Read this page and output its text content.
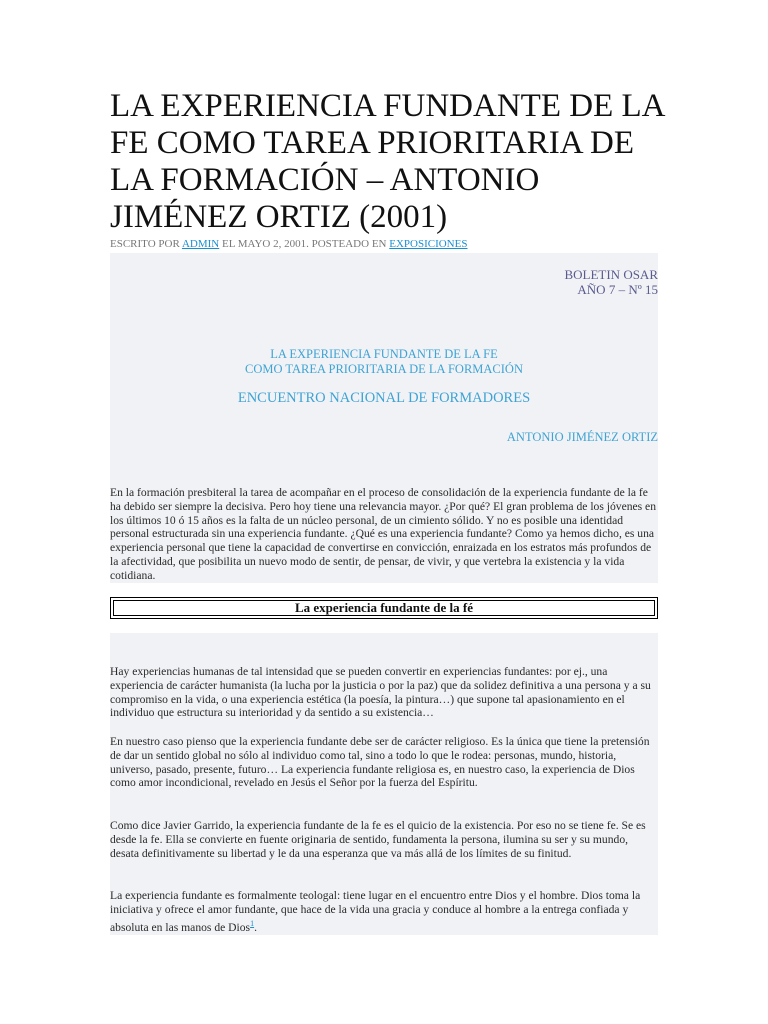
LA EXPERIENCIA FUNDANTE DE LA FE COMO TAREA PRIORITARIA DE LA FORMACIÓN – ANTONIO JIMÉNEZ ORTIZ (2001)
ESCRITO POR ADMIN EL MAYO 2, 2001. POSTEADO EN EXPOSICIONES
BOLETIN OSAR
AÑO 7 – Nº 15
LA EXPERIENCIA FUNDANTE DE LA FE
COMO TAREA PRIORITARIA DE LA FORMACIÓN
ENCUENTRO NACIONAL DE FORMADORES
ANTONIO JIMÉNEZ ORTIZ

En la formación presbiteral la tarea de acompañar en el proceso de consolidación de la experiencia fundante de la fe ha debido ser siempre la decisiva. Pero hoy tiene una relevancia mayor. ¿Por qué? El gran problema de los jóvenes en los últimos 10 ó 15 años es la falta de un núcleo personal, de un cimiento sólido. Y no es posible una identidad personal estructurada sin una experiencia fundante. ¿Qué es una experiencia fundante? Como ya hemos dicho, es una experiencia personal que tiene la capacidad de convertirse en convicción, enraizada en los estratos más profundos de la afectividad, que posibilita un nuevo modo de sentir, de pensar, de vivir, y que vertebra la existencia y la vida cotidiana.

La experiencia fundante de la fé

Hay experiencias humanas de tal intensidad que se pueden convertir en experiencias fundantes: por ej., una experiencia de carácter humanista (la lucha por la justicia o por la paz) que da solidez definitiva a una persona y a su compromiso en la vida, o una experiencia estética (la poesía, la pintura…) que supone tal apasionamiento en el individuo que estructura su interioridad y da sentido a su existencia…

En nuestro caso pienso que la experiencia fundante debe ser de carácter religioso. Es la única que tiene la pretensión de dar un sentido global no sólo al individuo como tal, sino a todo lo que le rodea: personas, mundo, historia, universo, pasado, presente, futuro… La experiencia fundante religiosa es, en nuestro caso, la experiencia de Dios como amor incondicional, revelado en Jesús el Señor por la fuerza del Espíritu.

Como dice Javier Garrido, la experiencia fundante de la fe es el quicio de la existencia. Por eso no se tiene fe. Se es desde la fe. Ella se convierte en fuente originaria de sentido, fundamenta la persona, ilumina su ser y su mundo, desata definitivamente su libertad y le da una esperanza que va más allá de los límites de su finitud.

La experiencia fundante es formalmente teologal: tiene lugar en el encuentro entre Dios y el hombre. Dios toma la iniciativa y ofrece el amor fundante, que hace de la vida una gracia y conduce al hombre a la entrega confiada y absoluta en las manos de Dios$^1$.
